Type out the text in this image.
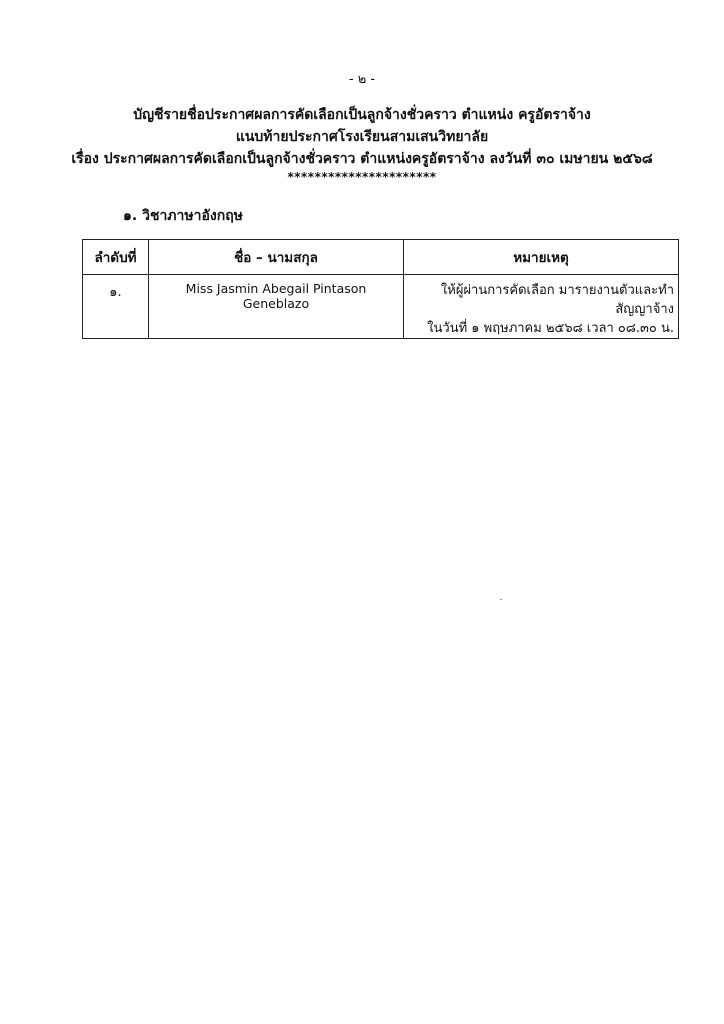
- ๒ -
บัญชีรายชื่อประกาศผลการคัดเลือกเป็นลูกจ้างชั่วคราว ตำแหน่ง ครูอัตราจ้าง
แนบท้ายประกาศโรงเรียนสามเสนวิทยาลัย
เรื่อง ประกาศผลการคัดเลือกเป็นลูกจ้างชั่วคราว ตำแหน่งครูอัตราจ้าง ลงวันที่ ๓๐ เมษายน ๒๕๖๘
**********************
๑. วิชาภาษาอังกฤษ
ลำดับที่	ชื่อ – นามสกุล	หมายเหตุ
๑.	Miss Jasmin Abegail Pintason Geneblazo	ให้ผู้ผ่านการคัดเลือก มารายงานตัวและทำสัญญาจ้าง
ในวันที่ ๑ พฤษภาคม ๒๕๖๘ เวลา ๐๘.๓๐ น.
